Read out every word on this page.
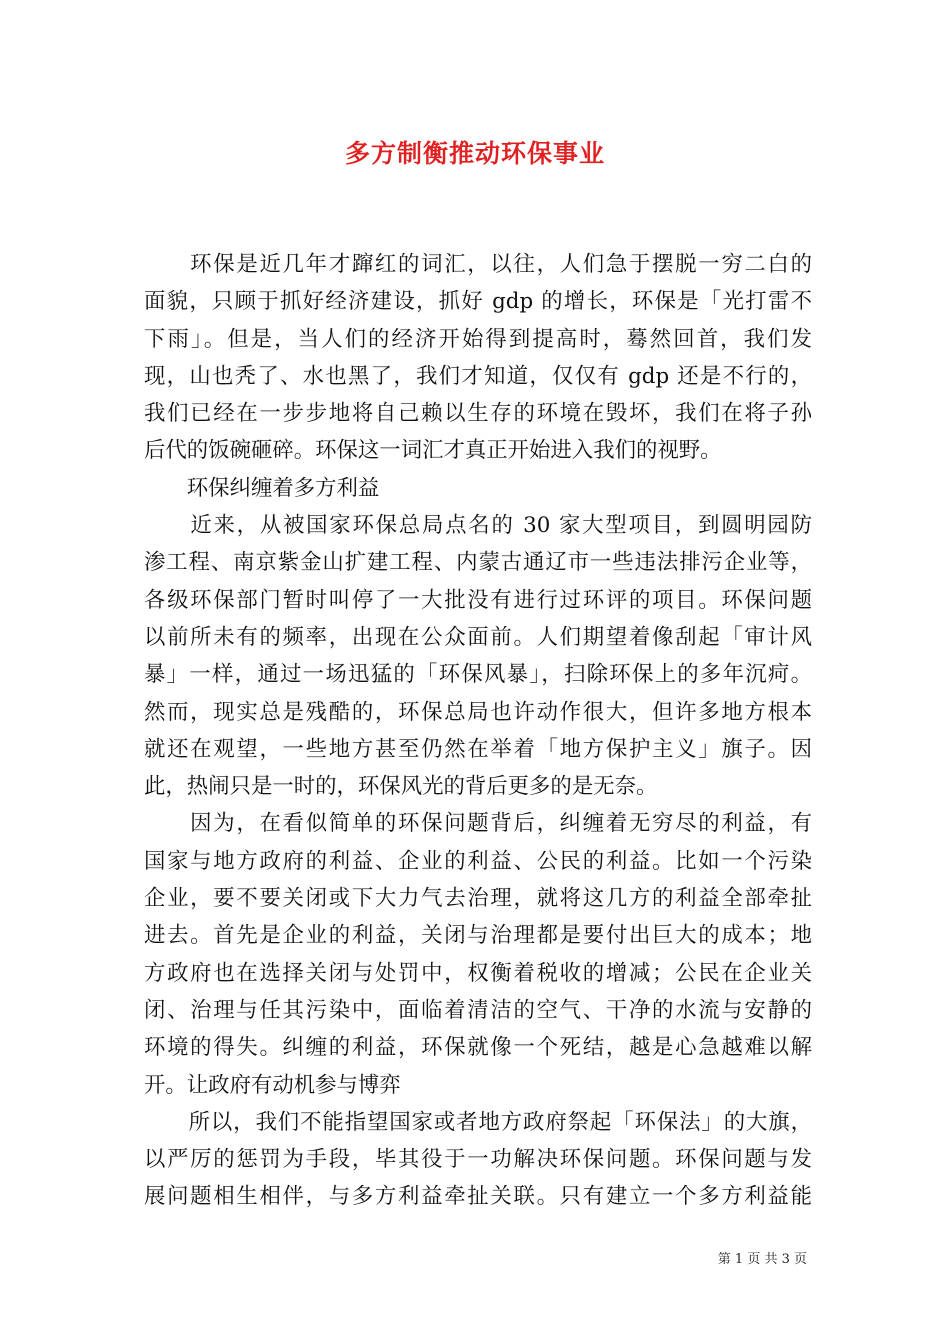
多方制衡推动环保事业
　　环保是近几年才蹿红的词汇，以往，人们急于摆脱一穷二白的
面貌，只顾于抓好经济建设，抓好 gdp 的增长，环保是「光打雷不
下雨」。但是，当人们的经济开始得到提高时，蓦然回首，我们发
现，山也秃了、水也黑了，我们才知道，仅仅有 gdp 还是不行的，
我们已经在一步步地将自己赖以生存的环境在毁坏，我们在将子孙
后代的饭碗砸碎。环保这一词汇才真正开始进入我们的视野。
　　环保纠缠着多方利益
　　近来，从被国家环保总局点名的 30 家大型项目，到圆明园防
渗工程、南京紫金山扩建工程、内蒙古通辽市一些违法排污企业等，
各级环保部门暂时叫停了一大批没有进行过环评的项目。环保问题
以前所未有的频率，出现在公众面前。人们期望着像刮起「审计风
暴」一样，通过一场迅猛的「环保风暴」，扫除环保上的多年沉疴。
然而，现实总是残酷的，环保总局也许动作很大，但许多地方根本
就还在观望，一些地方甚至仍然在举着「地方保护主义」旗子。因
此，热闹只是一时的，环保风光的背后更多的是无奈。
　　因为，在看似简单的环保问题背后，纠缠着无穷尽的利益，有
国家与地方政府的利益、企业的利益、公民的利益。比如一个污染
企业，要不要关闭或下大力气去治理，就将这几方的利益全部牵扯
进去。首先是企业的利益，关闭与治理都是要付出巨大的成本；地
方政府也在选择关闭与处罚中，权衡着税收的增减；公民在企业关
闭、治理与任其污染中，面临着清洁的空气、干净的水流与安静的
环境的得失。纠缠的利益，环保就像一个死结，越是心急越难以解
开。让政府有动机参与博弈
　　所以，我们不能指望国家或者地方政府祭起「环保法」的大旗，
以严厉的惩罚为手段，毕其役于一功解决环保问题。环保问题与发
展问题相生相伴，与多方利益牵扯关联。只有建立一个多方利益能
第 1 页 共 3 页
